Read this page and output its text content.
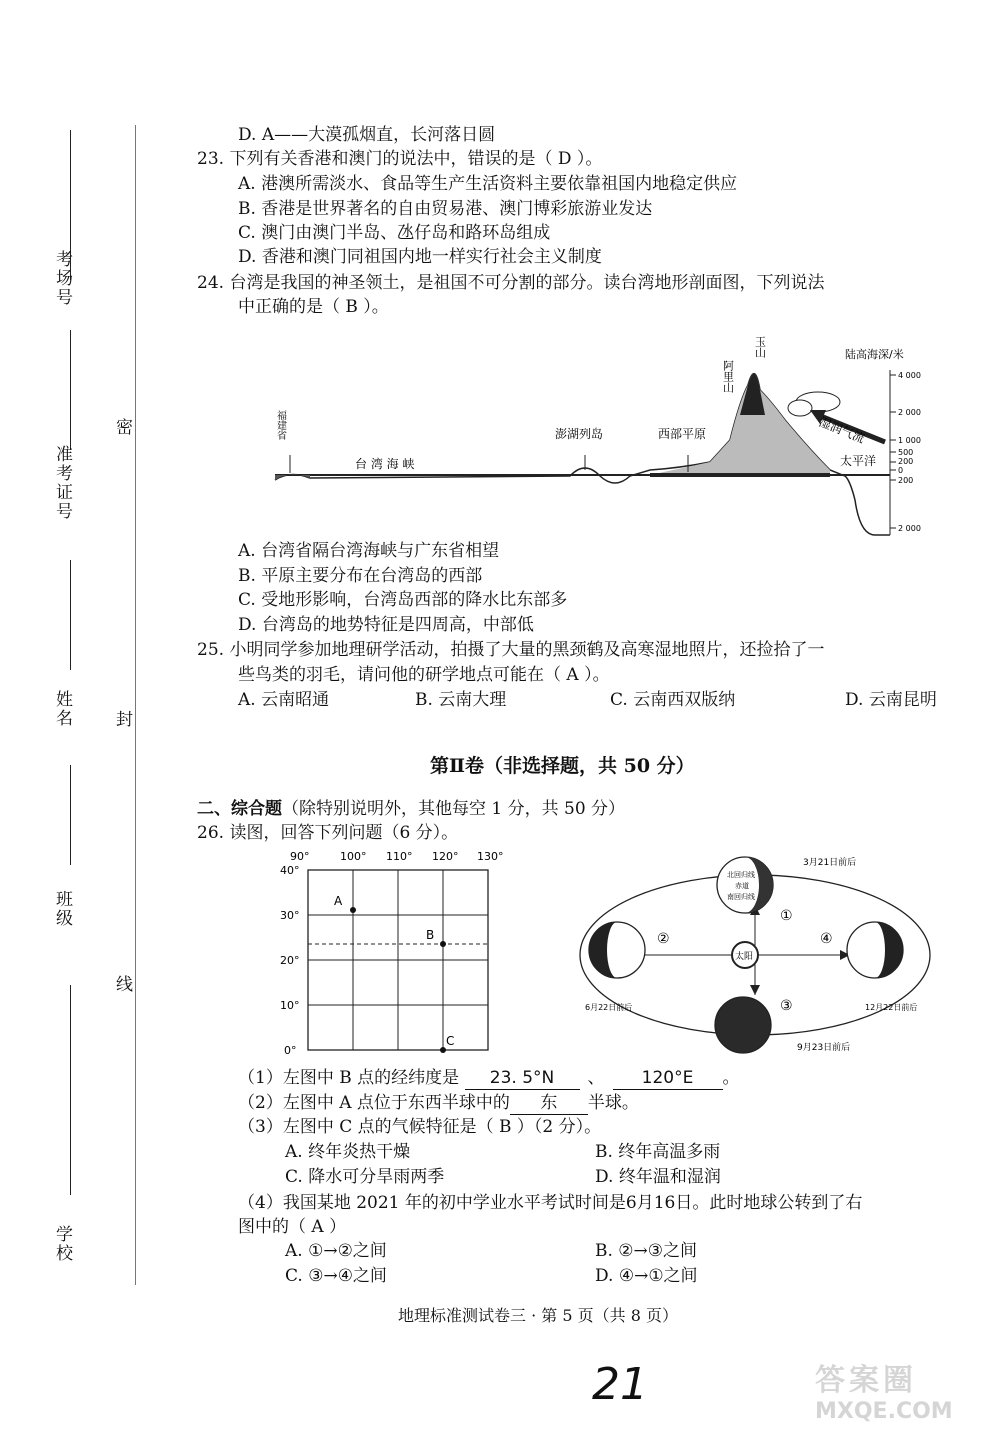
考场号
准考证号
姓名
班级
学校
密
封
线
D. A——大漠孤烟直，长河落日圆
23. 下列有关香港和澳门的说法中，错误的是（ D ）。
A. 港澳所需淡水、食品等生产生活资料主要依靠祖国内地稳定供应
B. 香港是世界著名的自由贸易港、澳门博彩旅游业发达
C. 澳门由澳门半岛、氹仔岛和路环岛组成
D. 香港和澳门同祖国内地一样实行社会主义制度
24. 台湾是我国的神圣领土，是祖国不可分割的部分。读台湾地形剖面图，下列说法
中正确的是（ B ）。
福建省
台 湾 海 峡
澎湖列岛	西部平原
阿里山
玉山
湿润气流
太平洋
陆高海深/米
4 000
2 000
1 000
500
200
0
200
2 000
A. 台湾省隔台湾海峡与广东省相望
B. 平原主要分布在台湾岛的西部
C. 受地形影响，台湾岛西部的降水比东部多
D. 台湾岛的地势特征是四周高，中部低
25. 小明同学参加地理研学活动，拍摄了大量的黑颈鹤及高寒湿地照片，还捡拾了一
些鸟类的羽毛，请问他的研学地点可能在（ A ）。
A. 云南昭通	B. 云南大理	C. 云南西双版纳	D. 云南昆明
第Ⅱ卷（非选择题，共 50 分）
二、综合题（除特别说明外，其他每空 1 分，共 50 分）
26. 读图，回答下列问题（6 分）。
A
B
C
90°	100° 110° 120° 130°
40°
30°
20°
10°
0°
太阳
北回归线
赤道
南回归线
①
②
③
④
3月21日前后
6月22日前后
9月23日前后
12月22日前后
（1）左图中 B 点的经纬度是 23. 5°N 、 120°E 。
（2）左图中 A 点位于东西半球中的 东 半球。
（3）左图中 C 点的气候特征是（ B ）（2 分）。
A. 终年炎热干燥	B. 终年高温多雨
C. 降水可分旱雨两季	D. 终年温和湿润
（4）我国某地 2021 年的初中学业水平考试时间是6月16日。此时地球公转到了右
图中的（ A ）
A. ①→②之间	B. ②→③之间
C. ③→④之间	D. ④→①之间
地理标准测试卷三 · 第 5 页（共 8 页）
21	答案圈
MXQE.COM
